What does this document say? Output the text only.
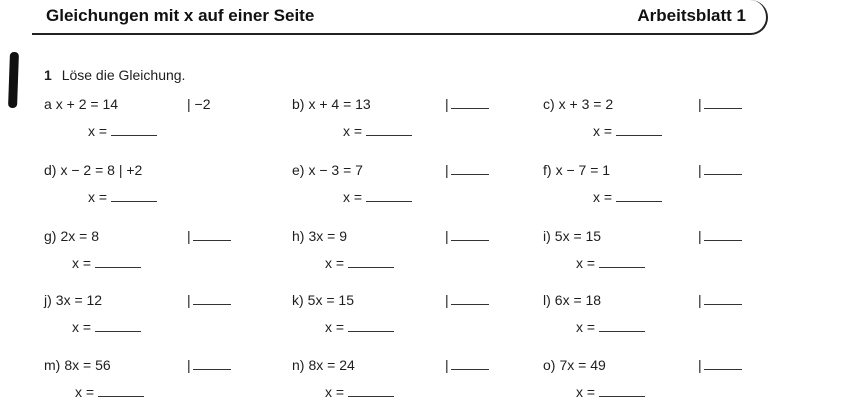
Gleichungen mit x auf einer Seite	Arbeitsblatt 1
1 Löse die Gleichung.
a x + 2 = 14	| −2
x =
b) x + 4 = 13	|
x =
c) x + 3 = 2	|
x =
d) x − 2 = 8 | +2
x =
e) x − 3 = 7	|
x =
f) x − 7 = 1	|
x =
g) 2x = 8	|
x =
h) 3x = 9	|
x =
i) 5x = 15	|
x =
j) 3x = 12	|
x =
k) 5x = 15	|
x =
l) 6x = 18	|
x =
m) 8x = 56	|
x =
n) 8x = 24	|
x =
o) 7x = 49	|
x =
